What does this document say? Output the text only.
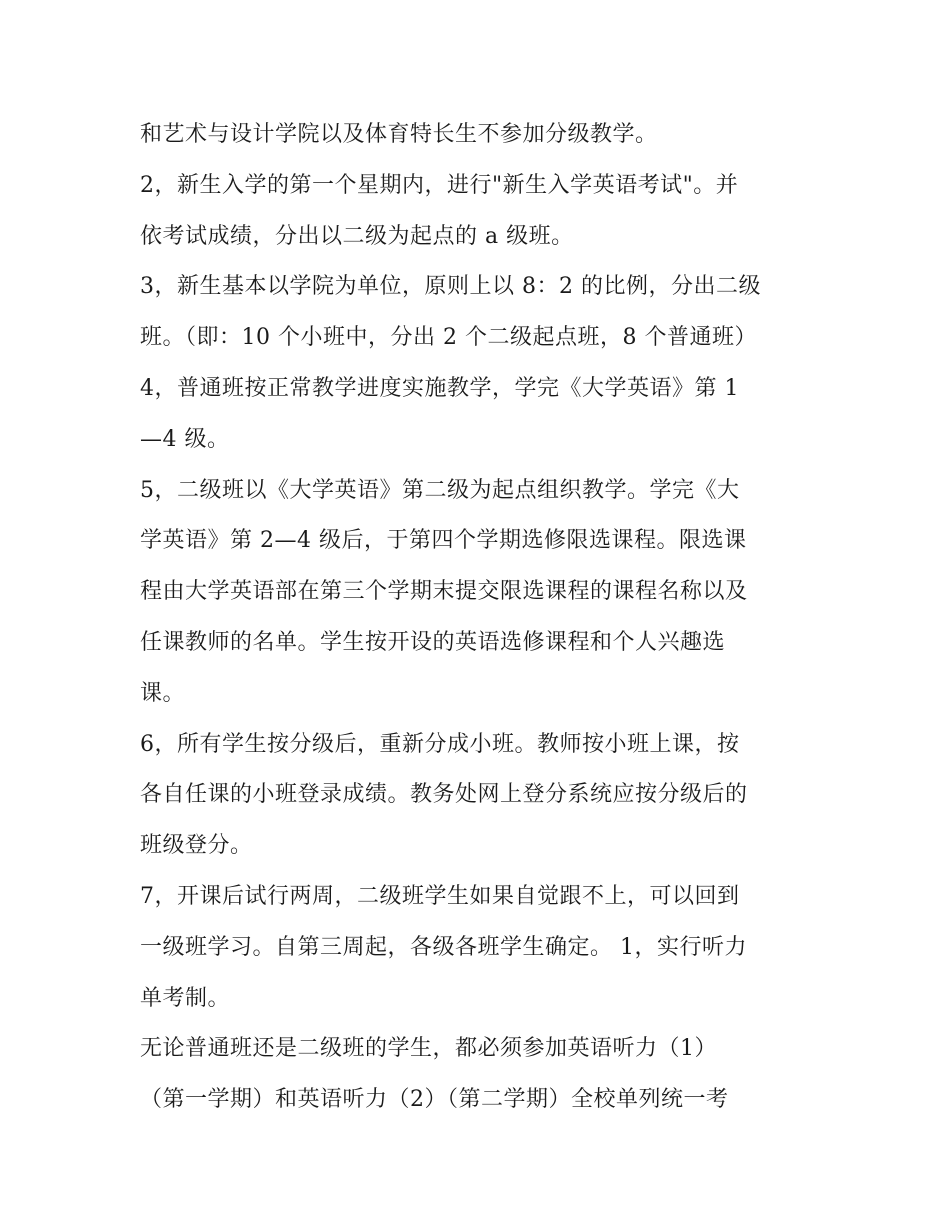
和艺术与设计学院以及体育特长生不参加分级教学。
2，新生入学的第一个星期内，进行"新生入学英语考试"。并
依考试成绩，分出以二级为起点的 a 级班。
3，新生基本以学院为单位，原则上以 8：2 的比例，分出二级
班。（即：10 个小班中，分出 2 个二级起点班，8 个普通班）
4，普通班按正常教学进度实施教学，学完《大学英语》第 1
—4 级。
5，二级班以《大学英语》第二级为起点组织教学。学完《大
学英语》第 2—4 级后，于第四个学期选修限选课程。限选课
程由大学英语部在第三个学期末提交限选课程的课程名称以及
任课教师的名单。学生按开设的英语选修课程和个人兴趣选
课。
6，所有学生按分级后，重新分成小班。教师按小班上课，按
各自任课的小班登录成绩。教务处网上登分系统应按分级后的
班级登分。
7，开课后试行两周，二级班学生如果自觉跟不上，可以回到
一级班学习。自第三周起，各级各班学生确定。 1，实行听力
单考制。
无论普通班还是二级班的学生，都必须参加英语听力（1）
（第一学期）和英语听力（2）（第二学期）全校单列统一考
